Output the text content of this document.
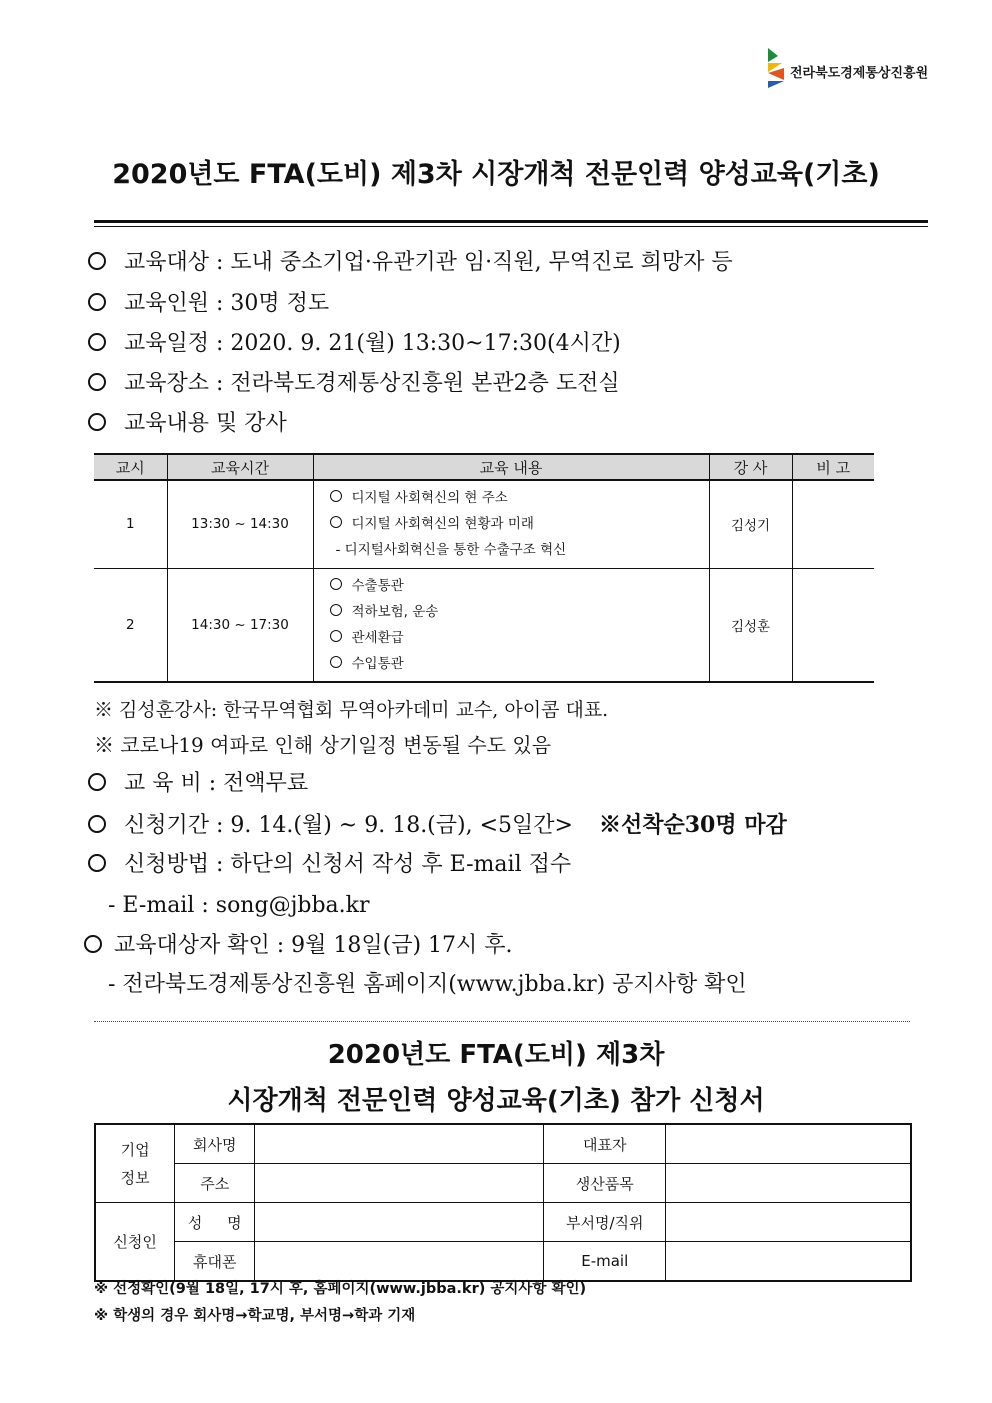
전라북도경제통상진흥원
2020년도 FTA(도비) 제3차 시장개척 전문인력 양성교육(기초)
교육대상 : 도내 중소기업·유관기관 임·직원, 무역진로 희망자 등
교육인원 : 30명 정도
교육일정 : 2020. 9. 21(월) 13:30~17:30(4시간)
교육장소 : 전라북도경제통상진흥원 본관2층 도전실
교육내용 및 강사
교시	교육시간	교육 내용	강 사	비 고
1	13:30 ~ 14:30	디지털 사회혁신의 현 주소
디지털 사회혁신의 현황과 미래
- 디지털사회혁신을 통한 수출구조 혁신	김성기	
2	14:30 ~ 17:30	수출통관
적하보험, 운송
관세환급
수입통관	김성훈	
※ 김성훈강사: 한국무역협회 무역아카데미 교수, 아이콤 대표.
※ 코로나19 여파로 인해 상기일정 변동될 수도 있음
교 육 비 : 전액무료
신청기간 : 9. 14.(월) ~ 9. 18.(금), <5일간> ※선착순30명 마감
신청방법 : 하단의 신청서 작성 후 E-mail 접수
- E-mail : song@jbba.kr
교육대상자 확인 : 9월 18일(금) 17시 후.
- 전라북도경제통상진흥원 홈페이지(www.jbba.kr) 공지사항 확인
2020년도 FTA(도비) 제3차
시장개척 전문인력 양성교육(기초) 참가 신청서
기업
정보	회사명		대표자	
	주소		생산품목	
신청인	성 명		부서명/직위	
	휴대폰		E-mail	
※ 선정확인(9월 18일, 17시 후, 홈페이지(www.jbba.kr) 공지사항 확인)
※ 학생의 경우 회사명→학교명, 부서명→학과 기재
